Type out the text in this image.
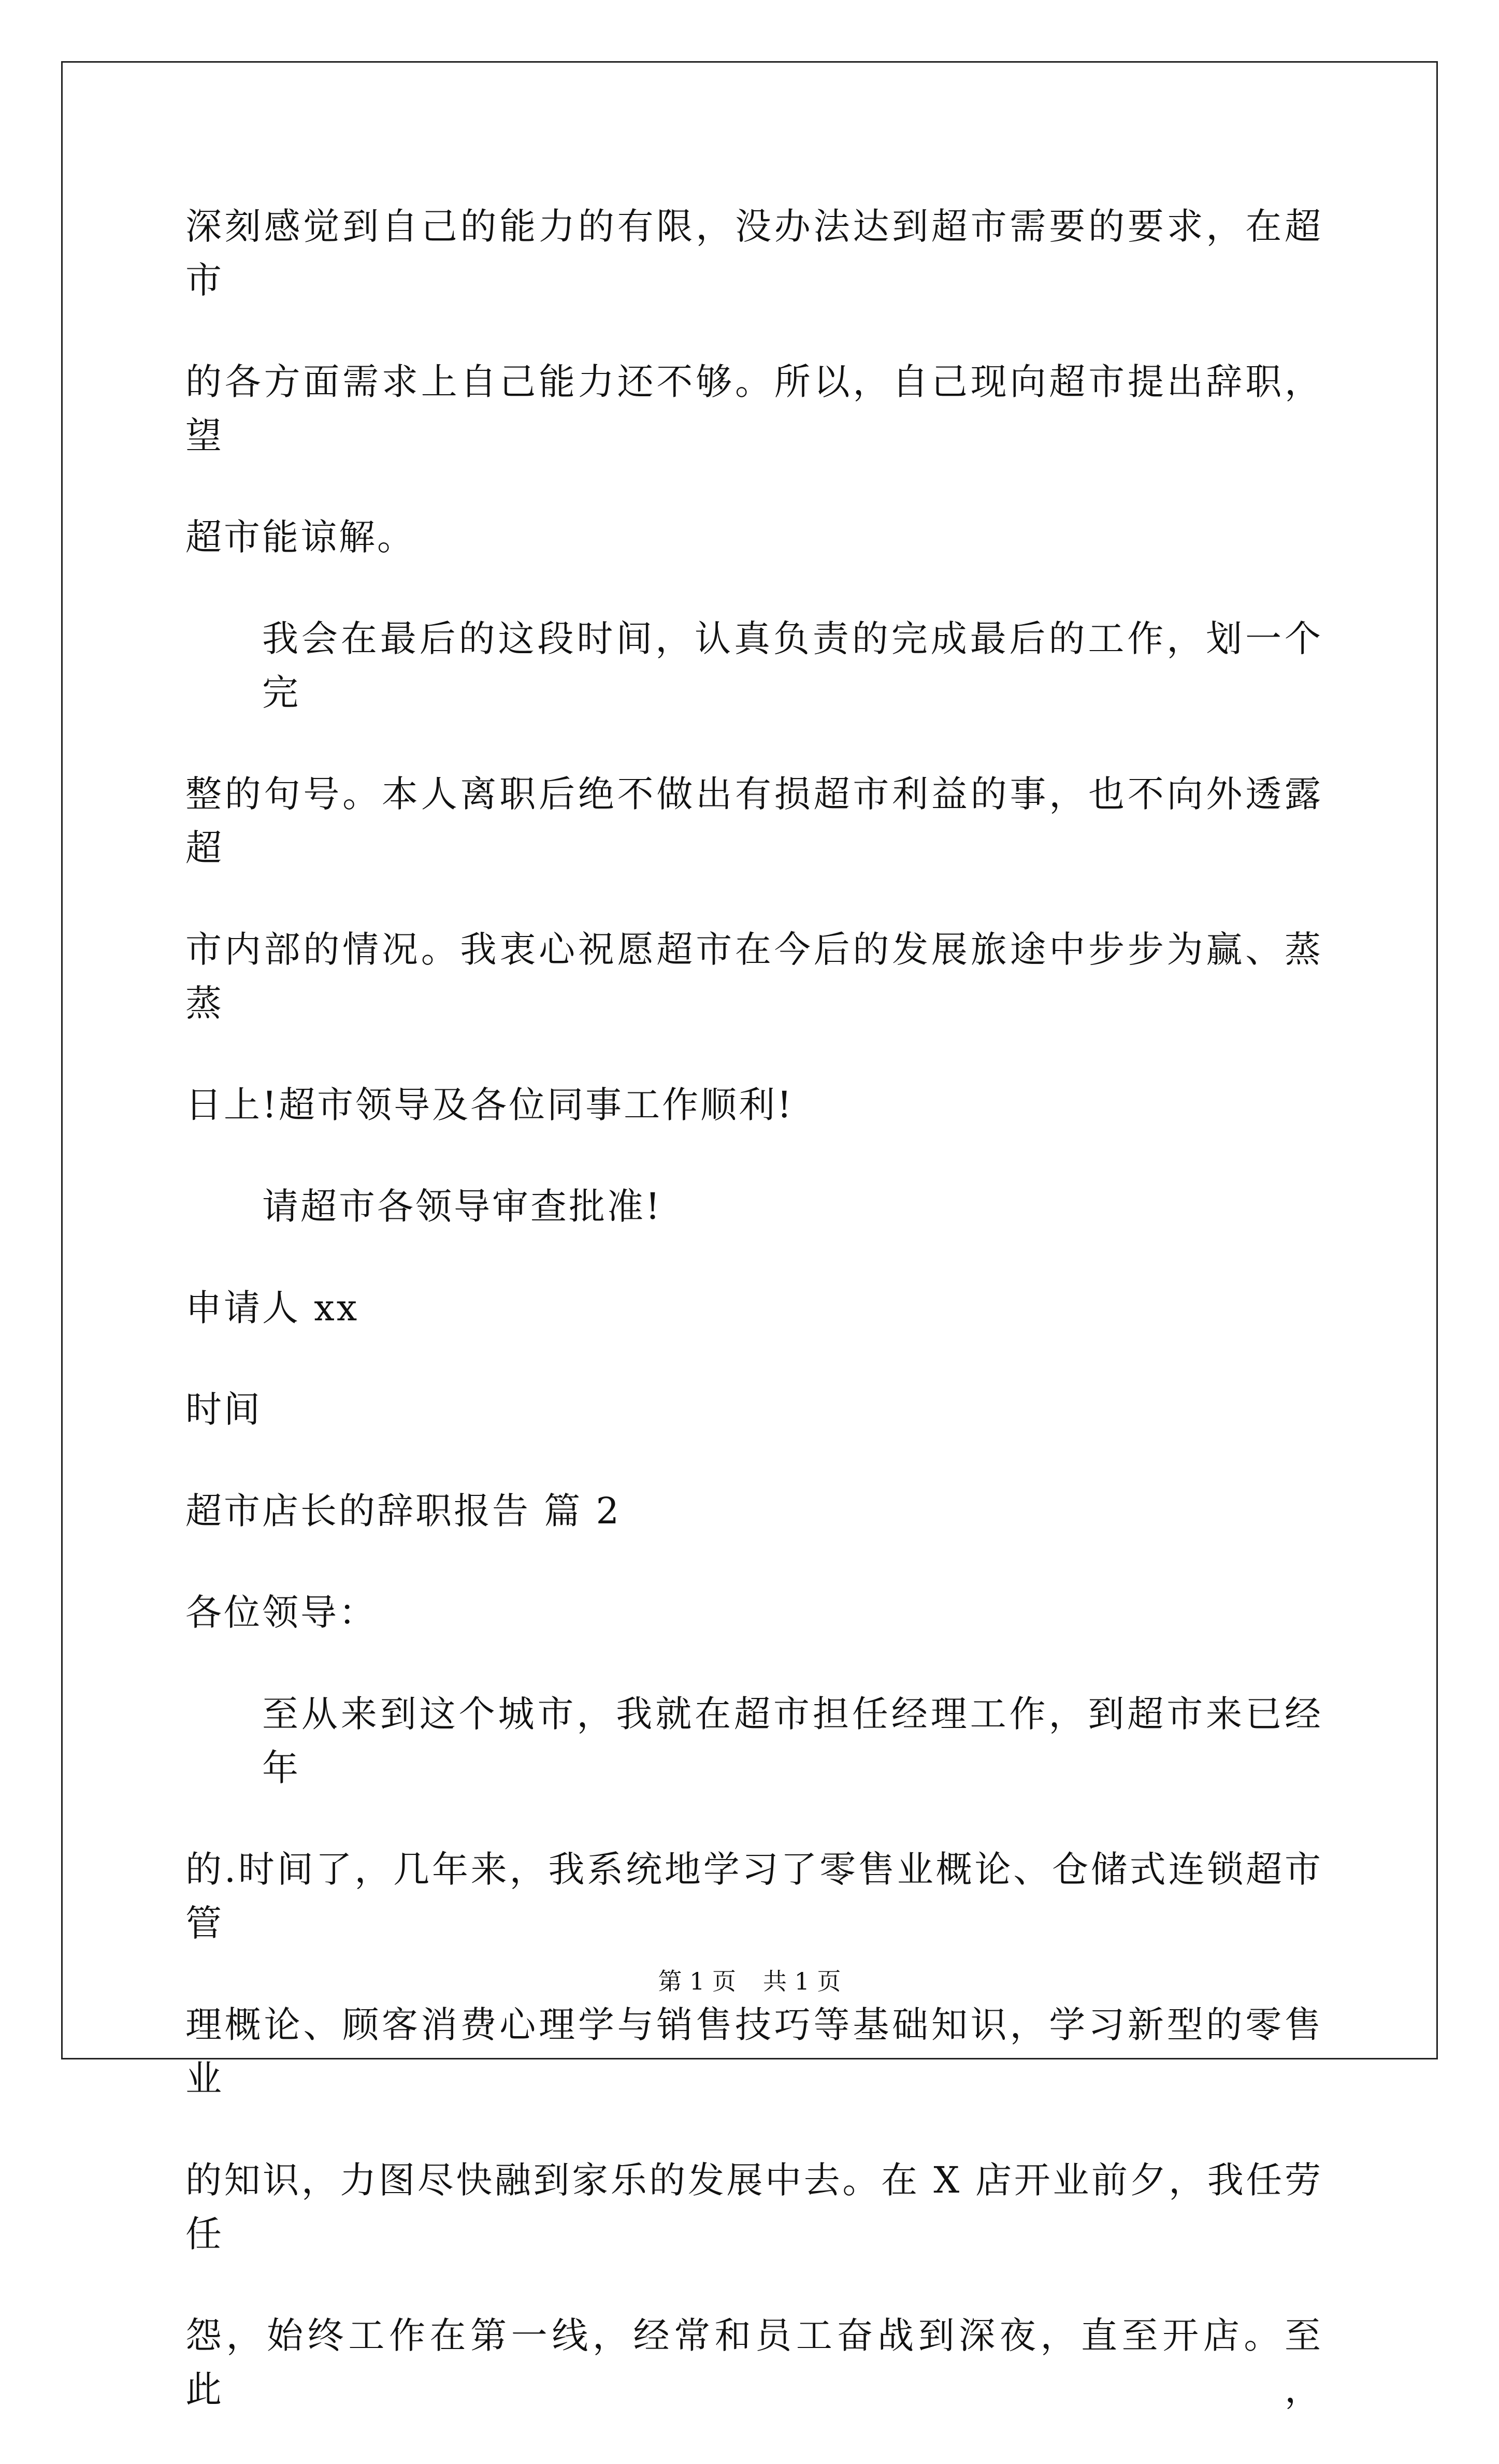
深刻感觉到自己的能力的有限，没办法达到超市需要的要求，在超市
的各方面需求上自己能力还不够。所以，自己现向超市提出辞职，望
超市能谅解。
我会在最后的这段时间，认真负责的完成最后的工作，划一个完
整的句号。本人离职后绝不做出有损超市利益的事，也不向外透露超
市内部的情况。我衷心祝愿超市在今后的发展旅途中步步为赢、蒸蒸
日上!超市领导及各位同事工作顺利!
请超市各领导审查批准!
申请人 xx
时间
超市店长的辞职报告 篇 2
各位领导：
至从来到这个城市，我就在超市担任经理工作，到超市来已经年
的.时间了，几年来，我系统地学习了零售业概论、仓储式连锁超市管
理概论、顾客消费心理学与销售技巧等基础知识，学习新型的零售业
的知识，力图尽快融到家乐的发展中去。在 X 店开业前夕，我任劳任
怨，始终工作在第一线，经常和员工奋战到深夜，直至开店。至此，
第 1 页 共 1 页
